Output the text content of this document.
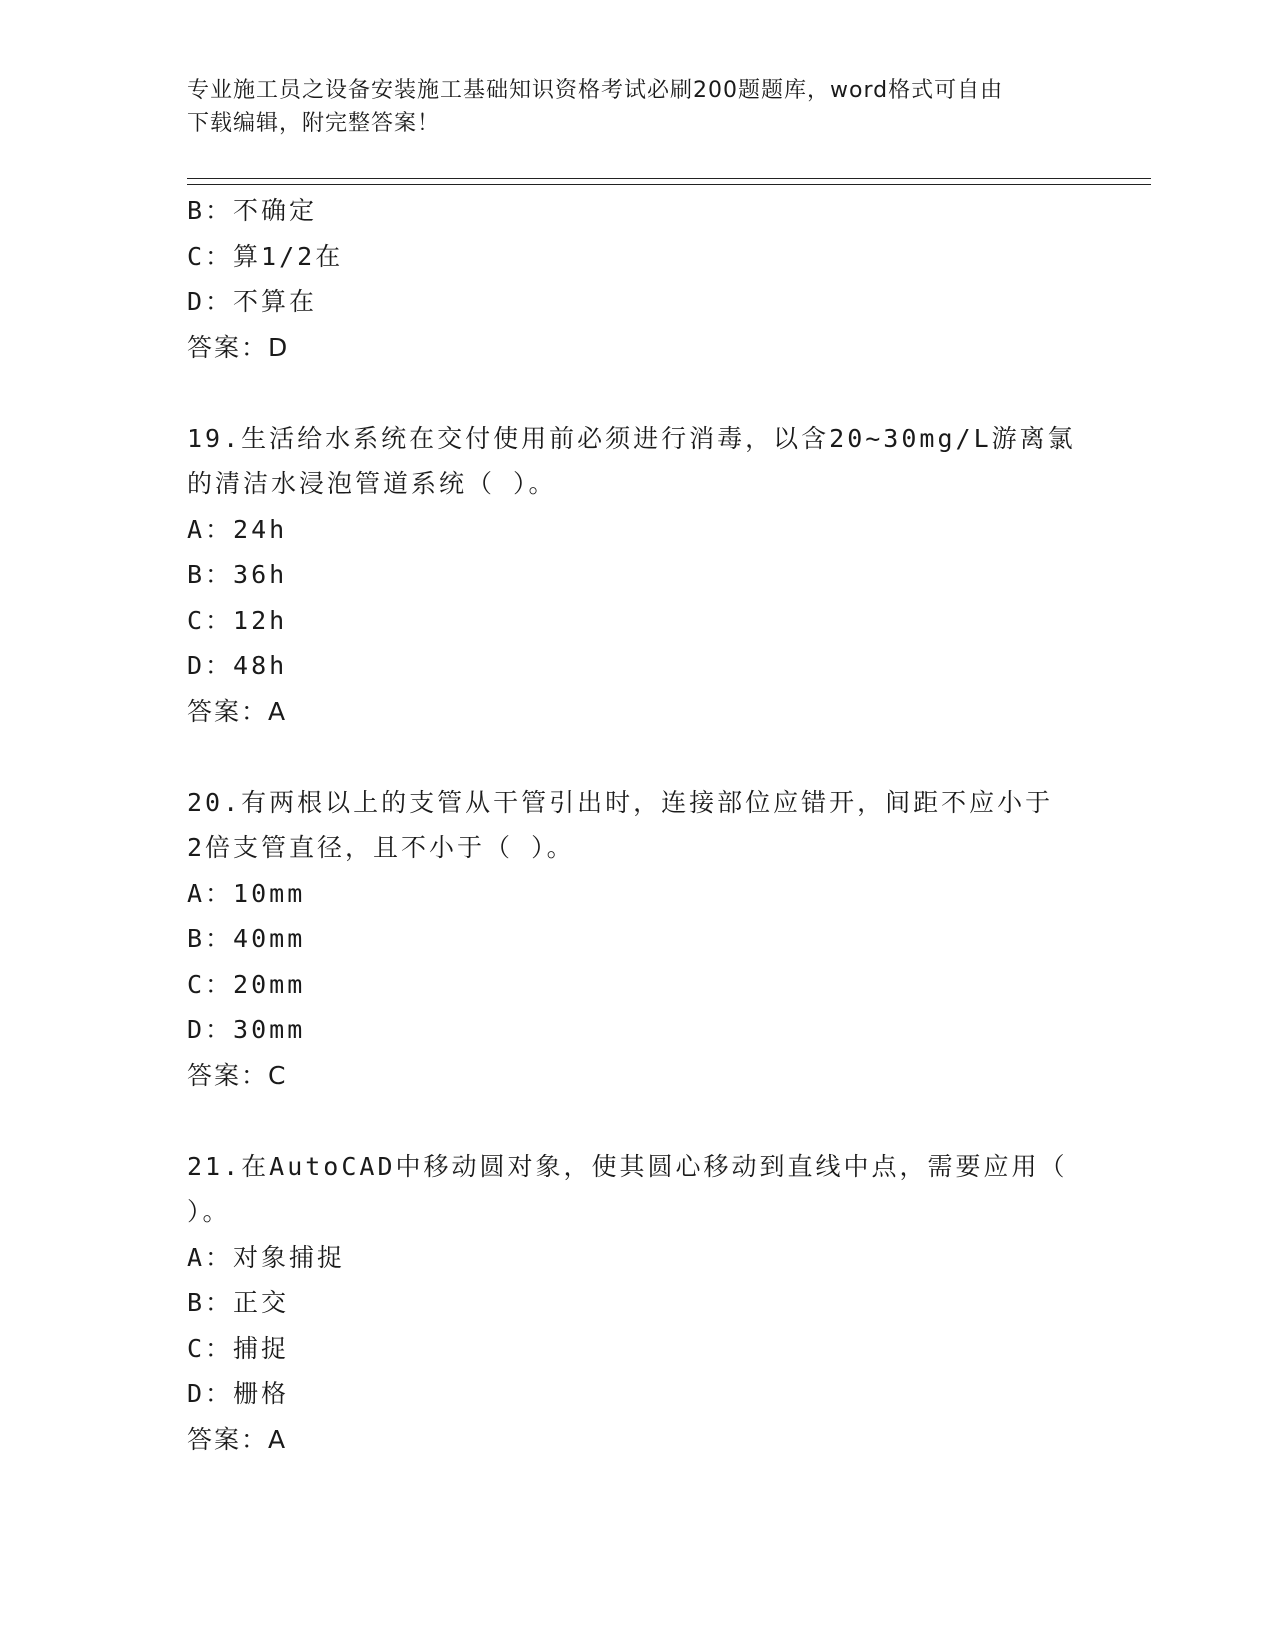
专业施工员之设备安装施工基础知识资格考试必刷200题题库，word格式可自由
下载编辑，附完整答案！
B：不确定
C：算1/2在
D：不算在
答案：D
19.生活给水系统在交付使用前必须进行消毒，以含20~30mg/L游离氯
的清洁水浸泡管道系统（ ）。
A：24h
B：36h
C：12h
D：48h
答案：A
20.有两根以上的支管从干管引出时，连接部位应错开，间距不应小于
2倍支管直径，且不小于（ ）。
A：10mm
B：40mm
C：20mm
D：30mm
答案：C
21.在AutoCAD中移动圆对象，使其圆心移动到直线中点，需要应用（
）。
A：对象捕捉
B：正交
C：捕捉
D：栅格
答案：A
